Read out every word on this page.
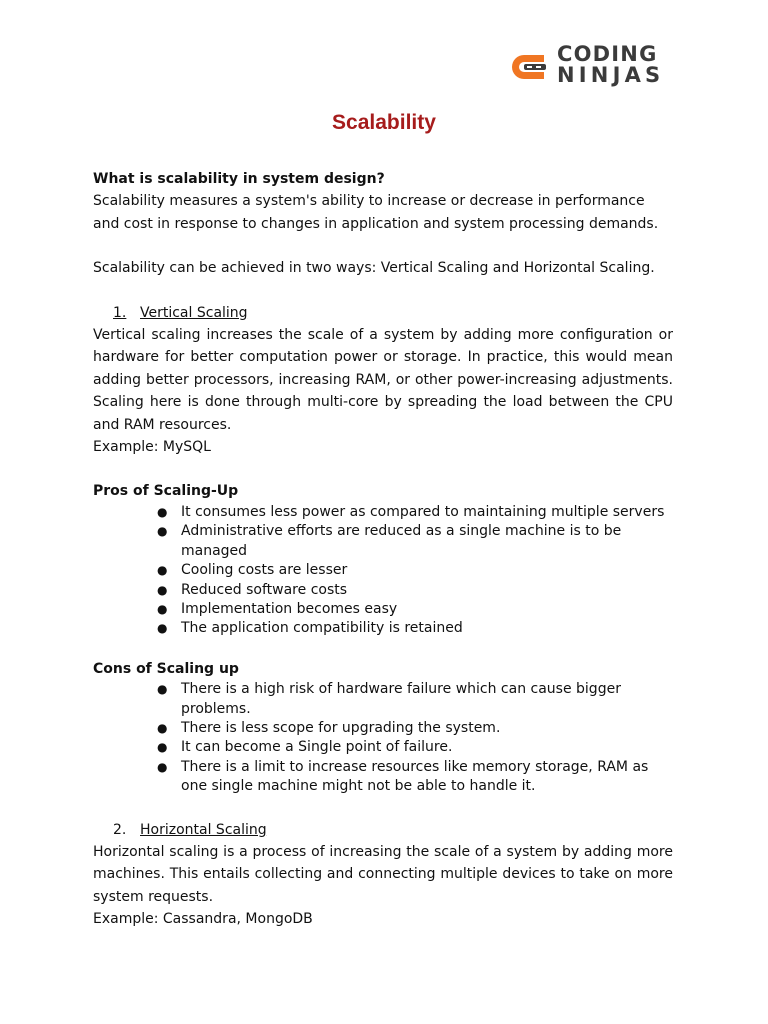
CODING
NINJAS
Scalability

What is scalability in system design?

Scalability measures a system's ability to increase or decrease in performance and cost in response to changes in application and system processing demands.

Scalability can be achieved in two ways: Vertical Scaling and Horizontal Scaling.

1. Vertical Scaling

Vertical scaling increases the scale of a system by adding more configuration or hardware for better computation power or storage. In practice, this would mean adding better processors, increasing RAM, or other power-increasing adjustments. Scaling here is done through multi-core by spreading the load between the CPU and RAM resources.

Example: MySQL

Pros of Scaling-Up

● It consumes less power as compared to maintaining multiple servers
● Administrative efforts are reduced as a single machine is to be managed
● Cooling costs are lesser
● Reduced software costs
● Implementation becomes easy
● The application compatibility is retained

Cons of Scaling up

● There is a high risk of hardware failure which can cause bigger problems.
● There is less scope for upgrading the system.
● It can become a Single point of failure.
● There is a limit to increase resources like memory storage, RAM as one single machine might not be able to handle it.

2. Horizontal Scaling

Horizontal scaling is a process of increasing the scale of a system by adding more machines. This entails collecting and connecting multiple devices to take on more system requests.

Example: Cassandra, MongoDB
